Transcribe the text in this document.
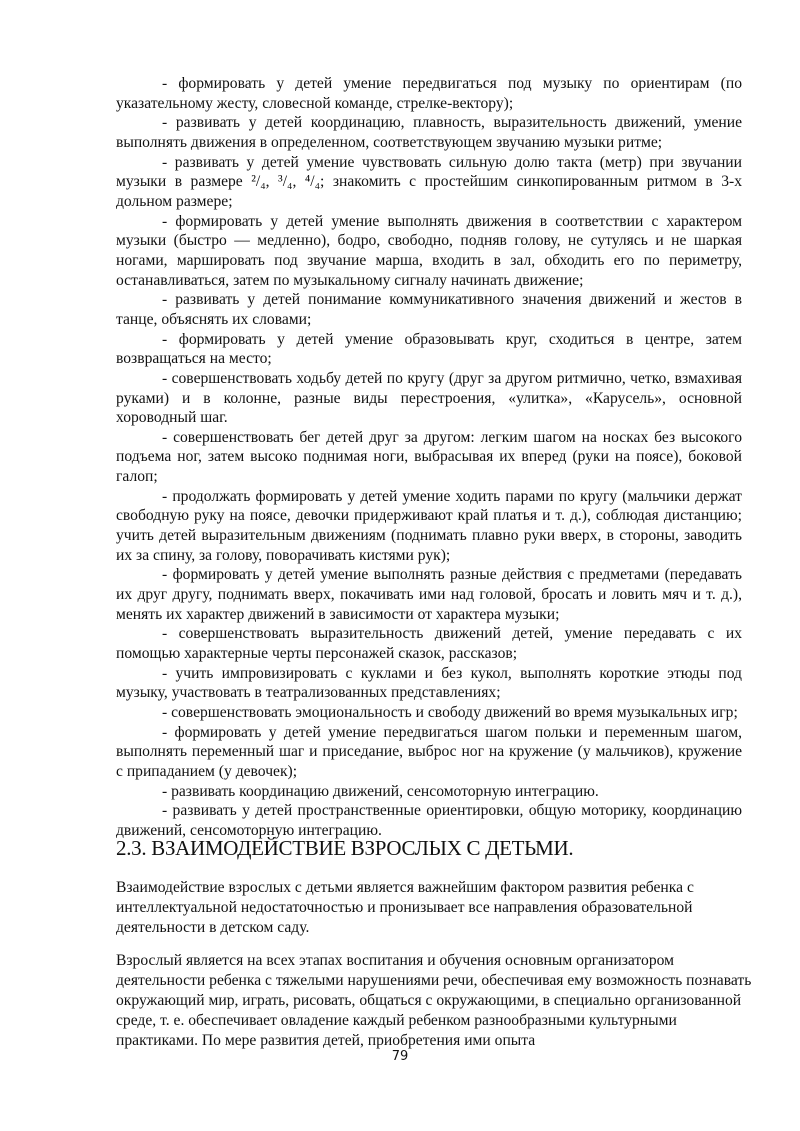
- формировать у детей умение передвигаться под музыку по ориентирам (по указательному жесту, словесной команде, стрелке-вектору);

- развивать у детей координацию, плавность, выразительность движений, умение выполнять движения в определенном, соответствующем звучанию музыки ритме;

- развивать у детей умение чувствовать сильную долю такта (метр) при звучании музыки в размере ²/₄, ³/₄, ⁴/₄; знакомить с простейшим синкопированным ритмом в 3-х дольном размере;

- формировать у детей умение выполнять движения в соответствии с характером музыки (быстро — медленно), бодро, свободно, подняв голову, не сутулясь и не шаркая ногами, маршировать под звучание марша, входить в зал, обходить его по периметру, останавливаться, затем по музыкальному сигналу начинать движение;

- развивать у детей понимание коммуникативного значения движений и жестов в танце, объяснять их словами;

- формировать у детей умение образовывать круг, сходиться в центре, затем возвращаться на место;

- совершенствовать ходьбу детей по кругу (друг за другом ритмично, четко, взмахивая руками) и в колонне, разные виды перестроения, «улитка», «Карусель», основной хороводный шаг.

- совершенствовать бег детей друг за другом: легким шагом на носках без высокого подъема ног, затем высоко поднимая ноги, выбрасывая их вперед (руки на поясе), боковой галоп;

- продолжать формировать у детей умение ходить парами по кругу (мальчики держат свободную руку на поясе, девочки придерживают край платья и т. д.), соблюдая дистанцию; учить детей выразительным движениям (поднимать плавно руки вверх, в стороны, заводить их за спину, за голову, поворачивать кистями рук);

- формировать у детей умение выполнять разные действия с предметами (передавать их друг другу, поднимать вверх, покачивать ими над головой, бросать и ловить мяч и т. д.), менять их характер движений в зависимости от характера музыки;

- совершенствовать выразительность движений детей, умение передавать с их помощью характерные черты персонажей сказок, рассказов;

- учить импровизировать с куклами и без кукол, выполнять короткие этюды под музыку, участвовать в театрализованных представлениях;

- совершенствовать эмоциональность и свободу движений во время музыкальных игр;

- формировать у детей умение передвигаться шагом польки и переменным шагом, выполнять переменный шаг и приседание, выброс ног на кружение (у мальчиков), кружение с припаданием (у девочек);

- развивать координацию движений, сенсомоторную интеграцию.

- развивать у детей пространственные ориентировки, общую моторику, координацию движений, сенсомоторную интеграцию.

2.3. ВЗАИМОДЕЙСТВИЕ ВЗРОСЛЫХ С ДЕТЬМИ.

Взаимодействие взрослых с детьми является важнейшим фактором развития ребенка с интеллектуальной недостаточностью и пронизывает все направления образовательной деятельности в детском саду.

Взрослый является на всех этапах воспитания и обучения основным организатором деятельности ребенка с тяжелыми нарушениями речи, обеспечивая ему возможность познавать окружающий мир, играть, рисовать, общаться с окружающими, в специально организованной среде, т. е. обеспечивает овладение каждый ребенком разнообразными культурными практиками. По мере развития детей, приобретения ими опыта

79
